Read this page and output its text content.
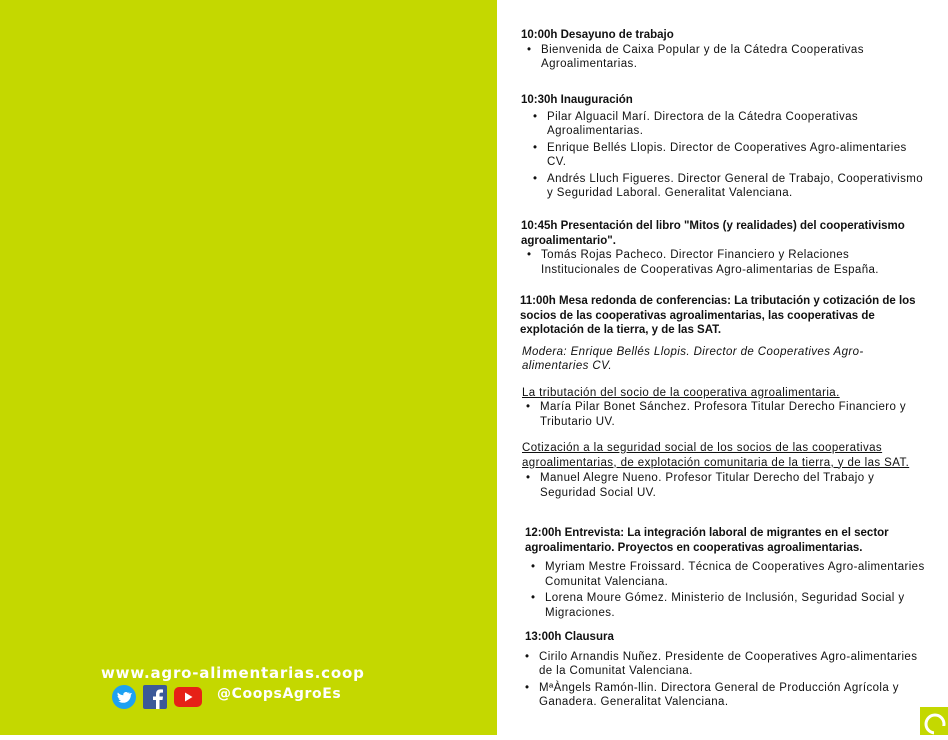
www.agro-alimentarias.coop
@CoopsAgroEs

10:00h Desayuno de trabajo

• Bienvenida de Caixa Popular y de la Cátedra Cooperativas Agroalimentarias.

10:30h Inauguración

• Pilar Alguacil Marí. Directora de la Cátedra Cooperativas Agroalimentarias.
• Enrique Bellés Llopis. Director de Cooperatives Agro-alimentaries CV.
• Andrés Lluch Figueres. Director General de Trabajo, Cooperativismo y Seguridad Laboral. Generalitat Valenciana.

10:45h Presentación del libro "Mitos (y realidades) del cooperativismo agroalimentario".

• Tomás Rojas Pacheco. Director Financiero y Relaciones Institucionales de Cooperativas Agro-alimentarias de España.

11:00h Mesa redonda de conferencias: La tributación y cotización de los socios de las cooperativas agroalimentarias, las cooperativas de explotación de la tierra, y de las SAT.

Modera: Enrique Bellés Llopis. Director de Cooperatives Agro-alimentaries CV.
La tributación del socio de la cooperativa agroalimentaria.
• María Pilar Bonet Sánchez. Profesora Titular Derecho Financiero y Tributario UV.
Cotización a la seguridad social de los socios de las cooperativas agroalimentarias, de explotación comunitaria de la tierra, y de las SAT.
• Manuel Alegre Nueno. Profesor Titular Derecho del Trabajo y Seguridad Social UV.

12:00h Entrevista: La integración laboral de migrantes en el sector agroalimentario. Proyectos en cooperativas agroalimentarias.

• Myriam Mestre Froissard. Técnica de Cooperatives Agro-alimentaries Comunitat Valenciana.
• Lorena Moure Gómez. Ministerio de Inclusión, Seguridad Social y Migraciones.

13:00h Clausura

• Cirilo Arnandis Nuñez. Presidente de Cooperatives Agro-alimentaries de la Comunitat Valenciana.
• MªÀngels Ramón-llin. Directora General de Producción Agrícola y Ganadera. Generalitat Valenciana.
